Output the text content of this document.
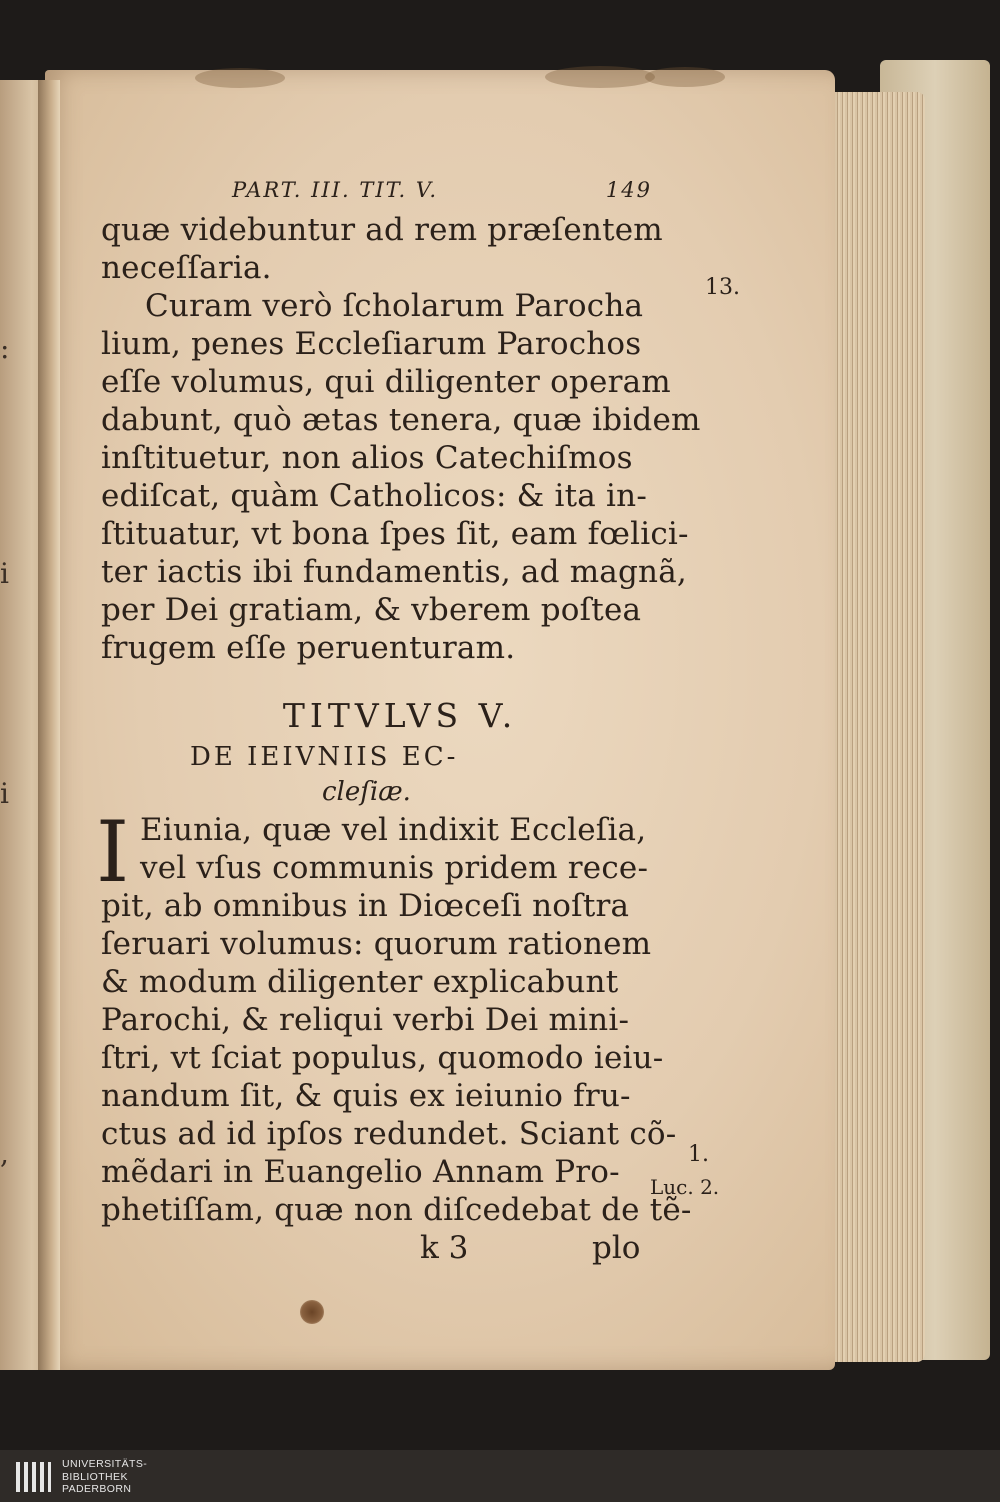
:
i
i
,
PART. III. TIT. V.	149
quæ videbuntur ad rem præſentem
neceſſaria.
Curam verò ſcholarum Parocha
lium, penes Eccleſiarum Parochos
eſſe volumus, qui diligenter operam
dabunt, quò ætas tenera, quæ ibidem
inſtituetur, non alios Catechiſmos
ediſcat, quàm Catholicos: & ita in-
ſtituatur, vt bona ſpes ſit, eam fœlici-
ter iactis ibi fundamentis, ad magnã,
per Dei gratiam, & vberem poſtea
frugem eſſe peruenturam.
TITVLVS V.
DE IEIVNIIS EC-
cleſiæ.
I Eiunia, quæ vel indixit Eccleſia,
vel vſus communis pridem rece-
pit, ab omnibus in Diœceſi noſtra
ſeruari volumus: quorum rationem
& modum diligenter explicabunt
Parochi, & reliqui verbi Dei mini-
ſtri, vt ſciat populus, quomodo ieiu-
nandum ſit, & quis ex ieiunio fru-
ctus ad id ipſos redundet. Sciant cõ-
mẽdari in Euangelio Annam Pro-
phetiſſam, quæ non diſcedebat de tẽ-
k 3	plo
13.
1.
Luc. 2.
UNIVERSITÄTS-
BIBLIOTHEK
PADERBORN
